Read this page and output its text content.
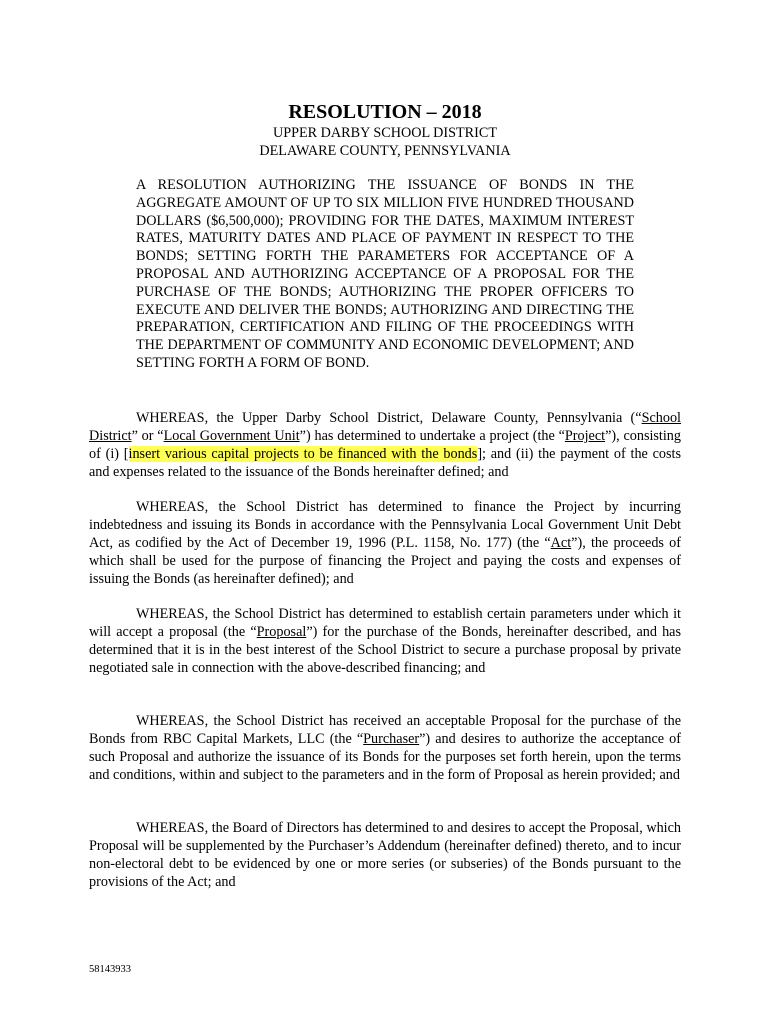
RESOLUTION – 2018
UPPER DARBY SCHOOL DISTRICT
DELAWARE COUNTY, PENNSYLVANIA
A RESOLUTION AUTHORIZING THE ISSUANCE OF BONDS IN THE AGGREGATE AMOUNT OF UP TO SIX MILLION FIVE HUNDRED THOUSAND DOLLARS ($6,500,000); PROVIDING FOR THE DATES, MAXIMUM INTEREST RATES, MATURITY DATES AND PLACE OF PAYMENT IN RESPECT TO THE BONDS; SETTING FORTH THE PARAMETERS FOR ACCEPTANCE OF A PROPOSAL AND AUTHORIZING ACCEPTANCE OF A PROPOSAL FOR THE PURCHASE OF THE BONDS; AUTHORIZING THE PROPER OFFICERS TO EXECUTE AND DELIVER THE BONDS; AUTHORIZING AND DIRECTING THE PREPARATION, CERTIFICATION AND FILING OF THE PROCEEDINGS WITH THE DEPARTMENT OF COMMUNITY AND ECONOMIC DEVELOPMENT; AND SETTING FORTH A FORM OF BOND.
WHEREAS, the Upper Darby School District, Delaware County, Pennsylvania (“School District” or “Local Government Unit”) has determined to undertake a project (the “Project”), consisting of (i) [insert various capital projects to be financed with the bonds]; and (ii) the payment of the costs and expenses related to the issuance of the Bonds hereinafter defined; and
WHEREAS, the School District has determined to finance the Project by incurring indebtedness and issuing its Bonds in accordance with the Pennsylvania Local Government Unit Debt Act, as codified by the Act of December 19, 1996 (P.L. 1158, No. 177) (the “Act”), the proceeds of which shall be used for the purpose of financing the Project and paying the costs and expenses of issuing the Bonds (as hereinafter defined); and
WHEREAS, the School District has determined to establish certain parameters under which it will accept a proposal (the “Proposal”) for the purchase of the Bonds, hereinafter described, and has determined that it is in the best interest of the School District to secure a purchase proposal by private negotiated sale in connection with the above-described financing; and
WHEREAS, the School District has received an acceptable Proposal for the purchase of the Bonds from RBC Capital Markets, LLC (the “Purchaser”) and desires to authorize the acceptance of such Proposal and authorize the issuance of its Bonds for the purposes set forth herein, upon the terms and conditions, within and subject to the parameters and in the form of Proposal as herein provided; and
WHEREAS, the Board of Directors has determined to and desires to accept the Proposal, which Proposal will be supplemented by the Purchaser’s Addendum (hereinafter defined) thereto, and to incur non-electoral debt to be evidenced by one or more series (or subseries) of the Bonds pursuant to the provisions of the Act; and
58143933
